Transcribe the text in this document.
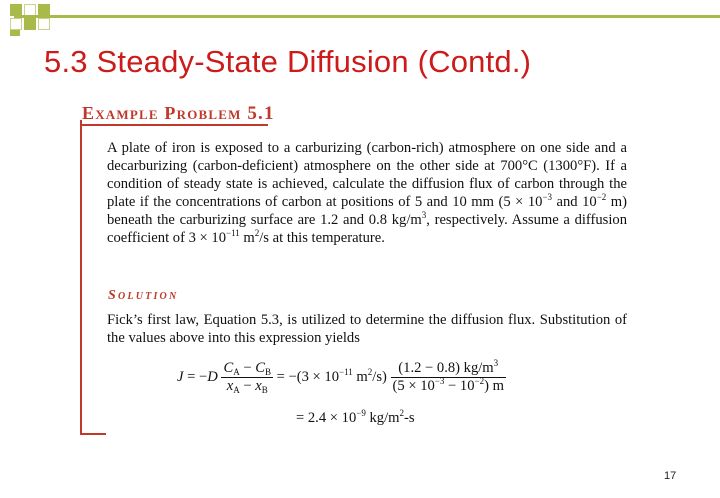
5.3 Steady-State Diffusion (Contd.)
Example Problem 5.1
A plate of iron is exposed to a carburizing (carbon-rich) atmosphere on one side and a decarburizing (carbon-deficient) atmosphere on the other side at 700°C (1300°F). If a condition of steady state is achieved, calculate the diffusion flux of carbon through the plate if the concentrations of carbon at positions of 5 and 10 mm ($5 \times 10^{-3}$ and $10^{-2}$ m) beneath the carburizing surface are 1.2 and 0.8 $kg/m^3$, respectively. Assume a diffusion coefficient of $3 \times 10^{-11}$ $m^2/s$ at this temperature.
Solution
Fick’s first law, Equation 5.3, is utilized to determine the diffusion flux. Substitution of the values above into this expression yields
$J = -D \frac{C_A - C_B}{x_A - x_B} = -(3 \times 10^{-11}$ $m^2/s) \frac{(1.2 - 0.8) kg/m^3}{(5 \times 10^{-3} - 10^{-2}) m}$
= $2.4 \times 10^{-9}$ $kg/m^2-s$
17
